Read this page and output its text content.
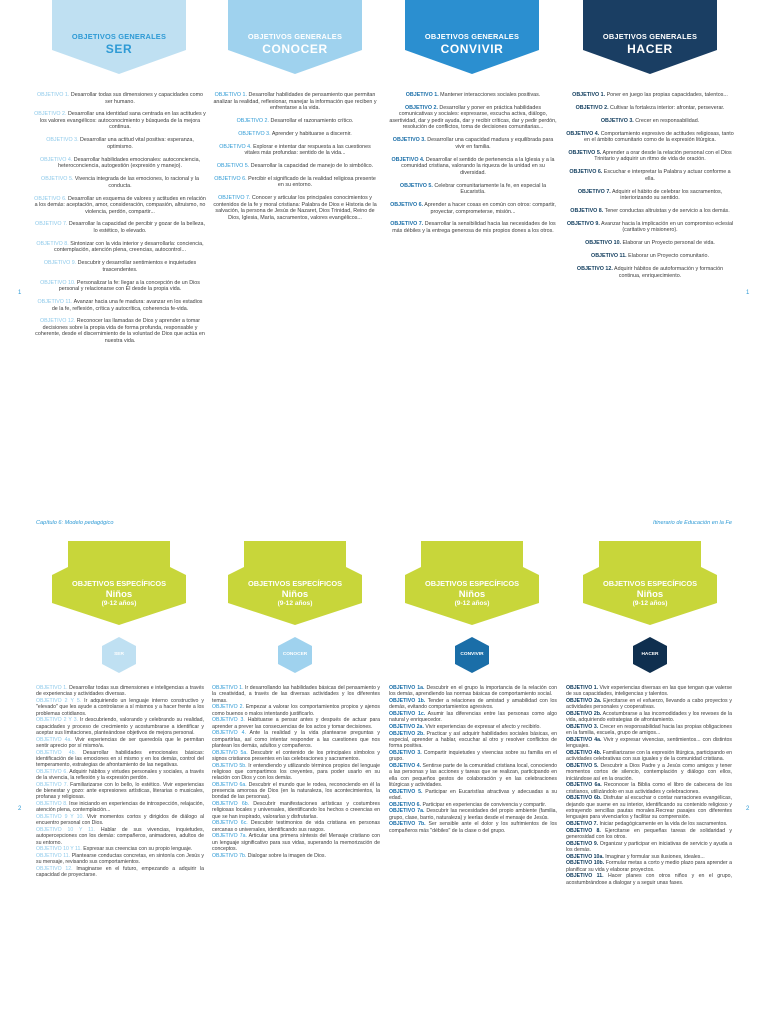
OBJETIVOS GENERALES
SER
OBJETIVOS GENERALES
CONOCER
OBJETIVOS GENERALES
CONVIVIR
OBJETIVOS GENERALES
HACER

OBJETIVO 1. Desarrollar todas sus dimensiones y capacidades como ser humano.

OBJETIVO 2. Desarrollar una identidad sana centrada en las actitudes y los valores evangélicos: autoconocimiento y búsqueda de la mejora continua.

OBJETIVO 3. Desarrollar una actitud vital positiva: esperanza, optimismo.

OBJETIVO 4. Desarrollar habilidades emocionales: autoconciencia, heteroconciencia, autogestión (expresión y manejo).

OBJETIVO 5. Vivencia integrada de las emociones, lo racional y la conducta.

OBJETIVO 6. Desarrollar un esquema de valores y actitudes en relación a los demás: aceptación, amor, consideración, compasión, altruismo, no violencia, perdón, compartir...

OBJETIVO 7. Desarrollar la capacidad de percibir y gozar de la belleza, lo estético, lo elevado.

OBJETIVO 8. Sintonizar con la vida interior y desarrollarla: conciencia, contemplación, atención plena, creencias, autocontrol...

OBJETIVO 9. Descubrir y desarrollar sentimientos e inquietudes trascendentes.

OBJETIVO 10. Personalizar la fe: llegar a la concepción de un Dios personal y relacionarse con Él desde la propia vida.

OBJETIVO 11. Avanzar hacia una fe madura: avanzar en los estadios de la fe, reflexión, crítica y autocrítica, coherencia fe-vida.

OBJETIVO 12. Reconocer las llamadas de Dios y aprender a tomar decisiones sobre la propia vida de forma profunda, responsable y coherente, desde el discernimiento de la voluntad de Dios que actúa en nuestra vida.

OBJETIVO 1. Desarrollar habilidades de pensamiento que permitan analizar la realidad, reflexionar, manejar la información que reciben y enfrentarse a la vida.

OBJETIVO 2. Desarrollar el razonamiento crítico.

OBJETIVO 3. Aprender y habituarse a discernir.

OBJETIVO 4. Explorar e intentar dar respuesta a las cuestiones vitales más profundas: sentido de la vida...

OBJETIVO 5. Desarrollar la capacidad de manejo de lo simbólico.

OBJETIVO 6. Percibir el significado de la realidad religiosa presente en su entorno.

OBJETIVO 7. Conocer y articular los principales conocimientos y contenidos de la fe y moral cristiana: Palabra de Dios e Historia de la salvación, la persona de Jesús de Nazaret, Dios Trinidad, Reino de Dios, Iglesia, María, sacramentos, valores evangélicos...

OBJETIVO 1. Mantener interacciones sociales positivas.

OBJETIVO 2. Desarrollar y poner en práctica habilidades comunicativas y sociales: expresarse, escucha activa, diálogo, asertividad, dar y pedir ayuda, dar y recibir críticas, dar y pedir perdón, resolución de conflictos, toma de decisiones comunitarias...

OBJETIVO 3. Desarrollar una capacidad madura y equilibrada para vivir en familia.

OBJETIVO 4. Desarrollar el sentido de pertenencia a la Iglesia y a la comunidad cristiana, valorando la riqueza de la unidad en su diversidad.

OBJETIVO 5. Celebrar comunitariamente la fe, en especial la Eucaristía.

OBJETIVO 6. Aprender a hacer cosas en común con otros: compartir, proyectar, comprometerse, misión...

OBJETIVO 7. Desarrollar la sensibilidad hacia las necesidades de los más débiles y la entrega generosa de mis propios dones a los otros.

OBJETIVO 1. Poner en juego las propias capacidades, talentos...

OBJETIVO 2. Cultivar la fortaleza interior: afrontar, perseverar.

OBJETIVO 3. Crecer en responsabilidad.

OBJETIVO 4. Comportamiento expresivo de actitudes religiosas, tanto en el ámbito comunitario como de la expresión litúrgica.

OBJETIVO 5. Aprender a orar desde la relación personal con el Dios Trinitario y adquirir un ritmo de vida de oración.

OBJETIVO 6. Escuchar e interpretar la Palabra y actuar conforme a ella.

OBJETIVO 7. Adquirir el hábito de celebrar los sacramentos, interiorizando su sentido.

OBJETIVO 8. Tener conductas altruistas y de servicio a los demás.

OBJETIVO 9. Avanzar hacia la implicación en un compromiso eclesial (caritativo y misionero).

OBJETIVO 10. Elaborar un Proyecto personal de vida.

OBJETIVO 11. Elaborar un Proyecto comunitario.

OBJETIVO 12. Adquirir hábitos de autoformación y formación continua, enriquecimiento.

1	1
2	2
Capítulo 6: Modelo pedagógico	Itinerario de Educación en la Fe
OBJETIVOS ESPECÍFICOS
Niños
(9-12 años)
OBJETIVOS ESPECÍFICOS
Niños
(9-12 años)
OBJETIVOS ESPECÍFICOS
Niños
(9-12 años)
OBJETIVOS ESPECÍFICOS
Niños
(9-12 años)
SER	CONOCER	CONVIVIR	HACER

OBJETIVO 1. Desarrollar todas sus dimensiones e inteligencias a través de experiencias y actividades diversas.

OBJETIVO 2 Y 5. Ir adquiriendo un lenguaje interno constructivo y "elevado" que les ayude a controlarse a sí mismos y a hacer frente a los problemas cotidianos.

OBJETIVO 2 Y 3. Ir descubriendo, valorando y celebrando su realidad, capacidades y proceso de crecimiento y acostumbrarse a identificar y aceptar sus limitaciones, planteándose objetivos de mejora personal.

OBJETIVO 4a. Vivir experiencias de ser queredo/a que le permitan sentir aprecio por sí mismo/a.

OBJETIVO 4b. Desarrollar habilidades emocionales básicas: identificación de las emociones en sí mismo y en los demás, control del temperamento, estrategias de afrontamiento de las negativas.

OBJETIVO 6. Adquirir hábitos y virtudes personales y sociales, a través de la vivencia, la reflexión y la expresión perdón.

OBJETIVO 7. Familiarizarse con lo bello, lo estético. Vivir experiencias de bienestar y gozo: ante expresiones artísticas, literarias o musicales, profanas y religiosas.

OBJETIVO 8. Irse iniciando en experiencias de introspección, relajación, atención plena, contemplación...

OBJETIVO 9 Y 10. Vivir momentos cortos y dirigidos de diálogo al encuentro personal con Dios.

OBJETIVO 10 Y 11. Hablar de sus vivencias, inquietudes, autopercepciones con los demás: compañeros, animadores, adultos de su entorno.

OBJETIVO 10 Y 11. Expresar sus creencias con su propio lenguaje.

OBJETIVO 11. Plantearse conductas concretas, en sintonía con Jesús y su mensaje, revisando sus comportamientos.

OBJETIVO 12. Imaginarse en el futuro, empezando a adquirir la capacidad de proyectarse.

OBJETIVO 1. Ir desarrollando las habilidades básicas del pensamiento y la creatividad, a través de las diversas actividades y los diferentes temas.

OBJETIVO 2. Empezar a valorar los comportamientos propios y ajenos como buenos o malos intentando justificarlo.

OBJETIVO 3. Habituarse a pensar antes y después de actuar para aprender a prever las consecuencias de los actos y tomar decisiones.

OBJETIVO 4. Ante la realidad y la vida plantearse preguntas y compartirlas, así como intentar responder a las cuestiones que nos plantean los demás, adultos y compañeros.

OBJETIVO 5a. Descubrir el contenido de los principales símbolos y signos cristianos presentes en las celebraciones y sacramentos.

OBJETIVO 5b. Ir entendiendo y utilizando términos propios del lenguaje religioso que compartimos los creyentes, para poder usarlo en su relación con Dios y con los demás.

OBJETIVO 6a. Descubrir el mundo que le rodea, reconociendo en él la presencia amorosa de Dios (en la naturaleza, los acontecimientos, la bondad de las personas).

OBJETIVO 6b. Descubrir manifestaciones artísticas y costumbres religiosas locales y universales, identificando los hechos o creencias en que se han inspirado, valorarlas y disfrutarlas.

OBJETIVO 6c. Descubrir testimonios de vida cristiana en personas cercanas o universales, identificando sus rasgos.

OBJETIVO 7a. Articular una primera síntesis del Mensaje cristiano con un lenguaje significativo para sus vidas, superando la memorización de conceptos.

OBJETIVO 7b. Dialogar sobre la imagen de Dios.

OBJETIVO 1a. Descubrir en el grupo la importancia de la relación con los demás, aprendiendo las normas básicas de comportamiento social.

OBJETIVO 1b. Tender a relaciones de amistad y amabilidad con los demás, evitando comportamientos agresivos.

OBJETIVO 1c. Asumir las diferencias entre las personas como algo natural y enriquecedor.

OBJETIVO 2a. Vivir experiencias de expresar el afecto y recibirlo.

OBJETIVO 2b. Practicar y así adquirir habilidades sociales básicas, en especial, aprender a hablar, escuchar al otro y resolver conflictos de forma positiva.

OBJETIVO 3. Compartir inquietudes y vivencias sobre su familia en el grupo.

OBJETIVO 4. Sentirse parte de la comunidad cristiana local, conociendo a las personas y las acciones y tareas que se realizan, participando en ella con pequeños gestos de colaboración y en las celebraciones litúrgicas y actividades.

OBJETIVO 5. Participar en Eucaristías atractivas y adecuadas a su edad.

OBJETIVO 6. Participar en experiencias de convivencia y compartir.

OBJETIVO 7a. Descubrir las necesidades del propio ambiente (familia, grupo, clase, barrio, naturaleza) y leerlas desde el mensaje de Jesús.

OBJETIVO 7b. Ser sensible ante el dolor y los sufrimientos de los compañeros más "débiles" de la clase o del grupo.

OBJETIVO 1. Vivir experiencias diversas en las que tengan que valerse de sus capacidades, inteligencias y talentos.

OBJETIVO 2a. Ejercitarse en el esfuerzo, llevando a cabo proyectos y actividades personales y cooperativas.

OBJETIVO 2b. Acostumbrarse a las incomodidades y los reveses de la vida, adquiriendo estrategias de afrontamiento.

OBJETIVO 3. Crecer en responsabilidad hacia las propias obligaciones en la familia, escuela, grupo de amigos...

OBJETIVO 4a. Vivir y expresar vivencias, sentimientos... con distintos lenguajes.

OBJETIVO 4b. Familiarizarse con la expresión litúrgica, participando en actividades celebrativas con sus iguales y de la comunidad cristiana.

OBJETIVO 5. Descubrir a Dios Padre y a Jesús como amigos y tener momentos cortos de silencio, contemplación y diálogo con ellos, iniciándose así en la oración.

OBJETIVO 6a. Reconocer la Biblia como el libro de cabecera de los cristianos, utilizándolo en sus actividades y celebraciones.

OBJETIVO 6b. Disfrutar al escuchar o contar narraciones evangélicas, dejando que suene en su interior, identificando su contenido religioso y extrayendo sencillas pautas morales.Recrear pasajes con diferentes lenguajes para vivenciarlos y facilitar su comprensión.

OBJETIVO 7. Iniciar pedagógicamente en la vida de los sacramentos.

OBJETIVO 8. Ejercitarse en pequeñas tareas de solidaridad y generosidad con los otros.

OBJETIVO 9. Organizar y participar en iniciativas de servicio y ayuda a los demás.

OBJETIVO 10a. Imaginar y formular sus ilusiones, ideales...

OBJETIVO 10b. Formular metas a corto y medio plazo para aprender a planificar su vida y elaborar proyectos.

OBJETIVO 11. Hacer planes con otros niños y en el grupo, acostumbrándose a dialogar y a seguir unas fases.
